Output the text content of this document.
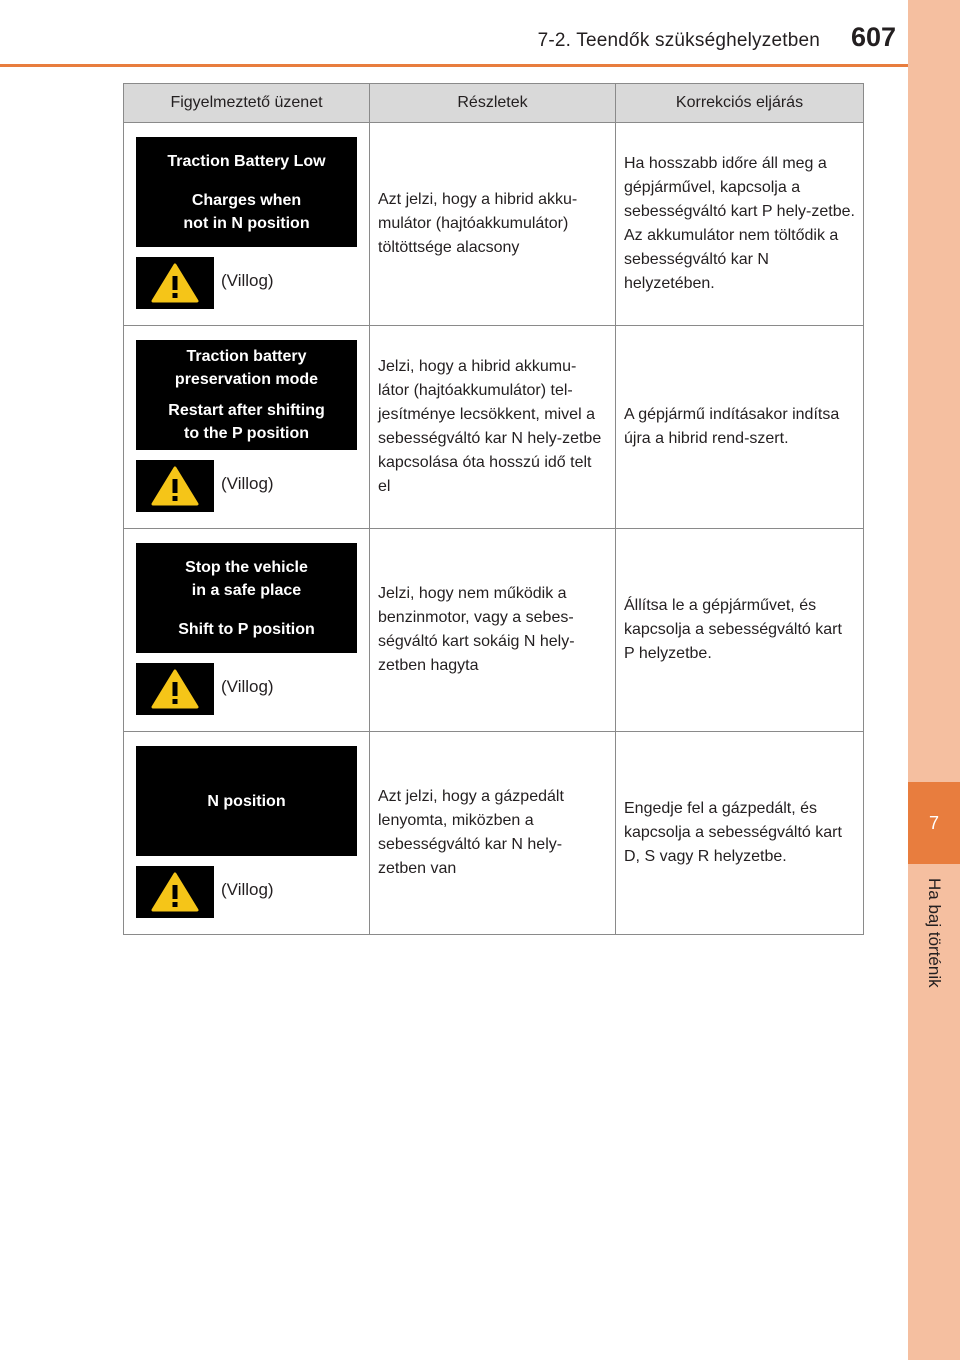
7
Ha baj történik
7-2. Teendők szükséghelyzetben	607
Figyelmeztető üzenet	Részletek	Korrekciós eljárás

Traction Battery Low
Charges when
not in N position
(Villog)	Azt jelzi, hogy a hibrid akku-mulátor (hajtóakkumulátor) töltöttsége alacsony	Ha hosszabb időre áll meg a gépjárművel, kapcsolja a sebességváltó kart P hely-zetbe. Az akkumulátor nem töltődik a sebességváltó kar N helyzetében.

Traction battery
preservation mode
Restart after shifting
to the P position
(Villog)	Jelzi, hogy a hibrid akkumu-látor (hajtóakkumulátor) tel-jesítménye lecsökkent, mivel a sebességváltó kar N hely-zetbe kapcsolása óta hosszú idő telt el	A gépjármű indításakor indítsa újra a hibrid rend-szert.

Stop the vehicle
in a safe place
Shift to P position
(Villog)	Jelzi, hogy nem működik a benzinmotor, vagy a sebes-ségváltó kart sokáig N hely-zetben hagyta	Állítsa le a gépjárművet, és kapcsolja a sebességváltó kart P helyzetbe.

N position
(Villog)	Azt jelzi, hogy a gázpedált lenyomta, miközben a sebességváltó kar N hely-zetben van	Engedje fel a gázpedált, és kapcsolja a sebességváltó kart D, S vagy R helyzetbe.
